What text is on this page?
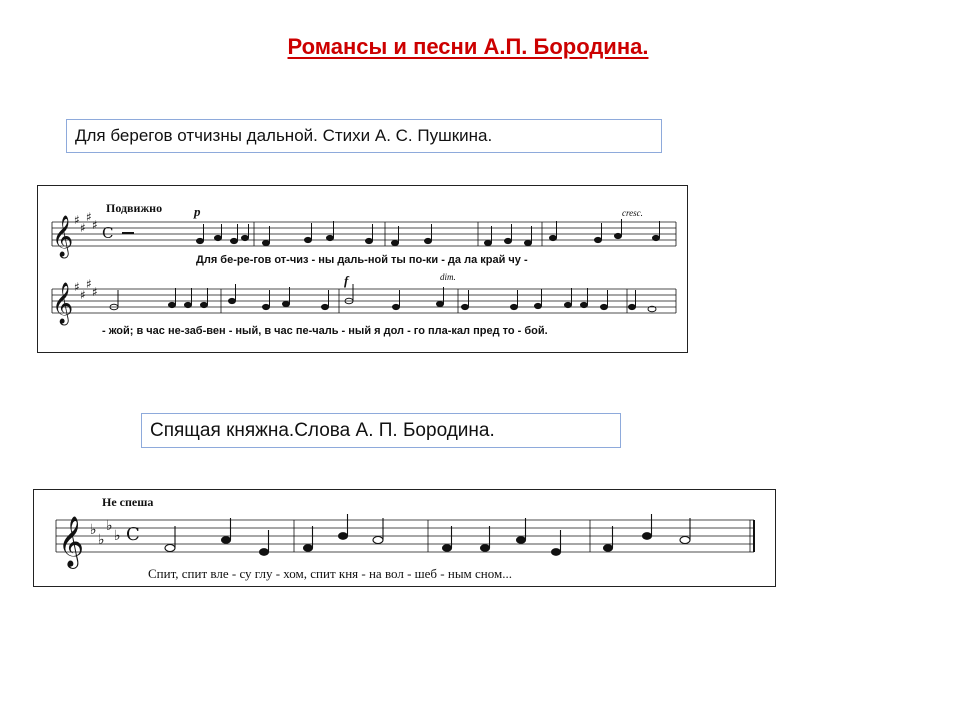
Романсы и песни А.П. Бородина.
Для берегов отчизны дальной. Стихи А. С. Пушкина.
Подвижно p	cresc.
𝄞 ♯
♯
♯
♯ C
Для бе-ре-гов от-чиз - ны даль-ной ты по-ки - да ла край чу -
f	dim.
𝄞 ♯
♯
♯
♯
- жой; в час не-заб-вен - ный, в час пе-чаль - ный я дол - го пла-кал пред то - бой.
Спящая княжна.Слова А. П. Бородина.
Не спеша
𝄞 ♭
♭
♭
♭ C
Спит, спит вле - су глу - хом, спит кня - на вол - шеб - ным сном...
